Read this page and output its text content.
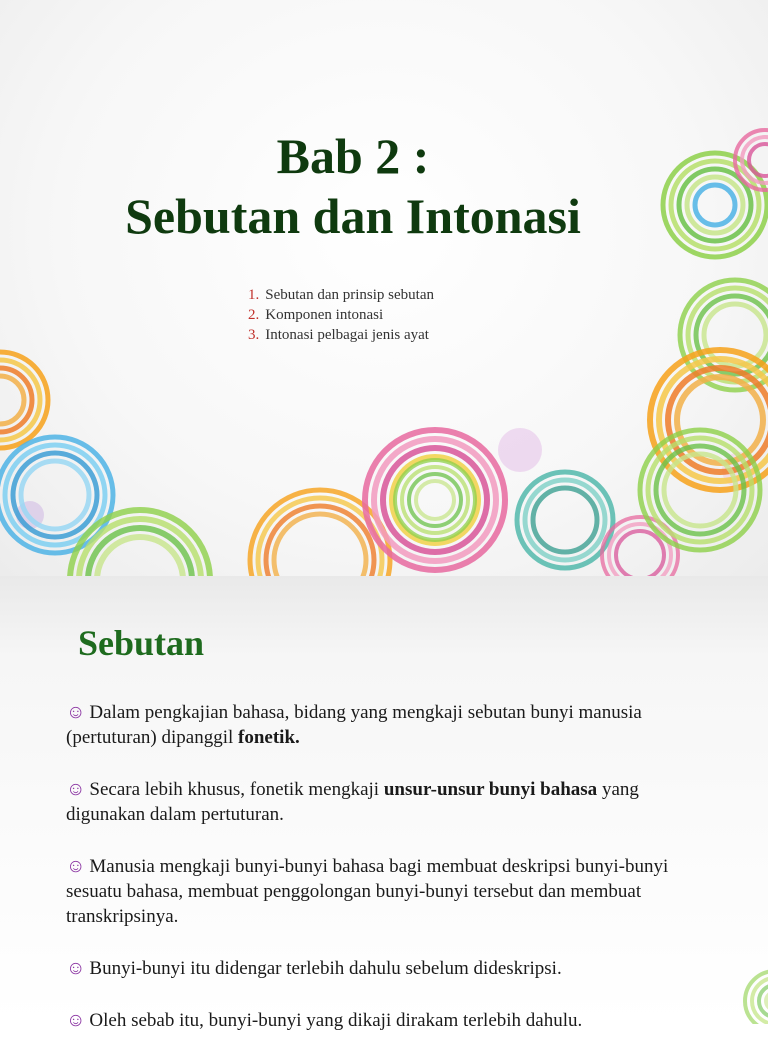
Bab 2 :
Sebutan dan Intonasi
1. Sebutan dan prinsip sebutan
2. Komponen intonasi
3. Intonasi pelbagai jenis ayat
Sebutan

☺ Dalam pengkajian bahasa, bidang yang mengkaji sebutan bunyi manusia (pertuturan) dipanggil fonetik.

☺ Secara lebih khusus, fonetik mengkaji unsur-unsur bunyi bahasa yang digunakan dalam pertuturan.

☺ Manusia mengkaji bunyi-bunyi bahasa bagi membuat deskripsi bunyi-bunyi sesuatu bahasa, membuat penggolongan bunyi-bunyi tersebut dan membuat transkripsinya.

☺ Bunyi-bunyi itu didengar terlebih dahulu sebelum dideskripsi.

☺ Oleh sebab itu, bunyi-bunyi yang dikaji dirakam terlebih dahulu.
